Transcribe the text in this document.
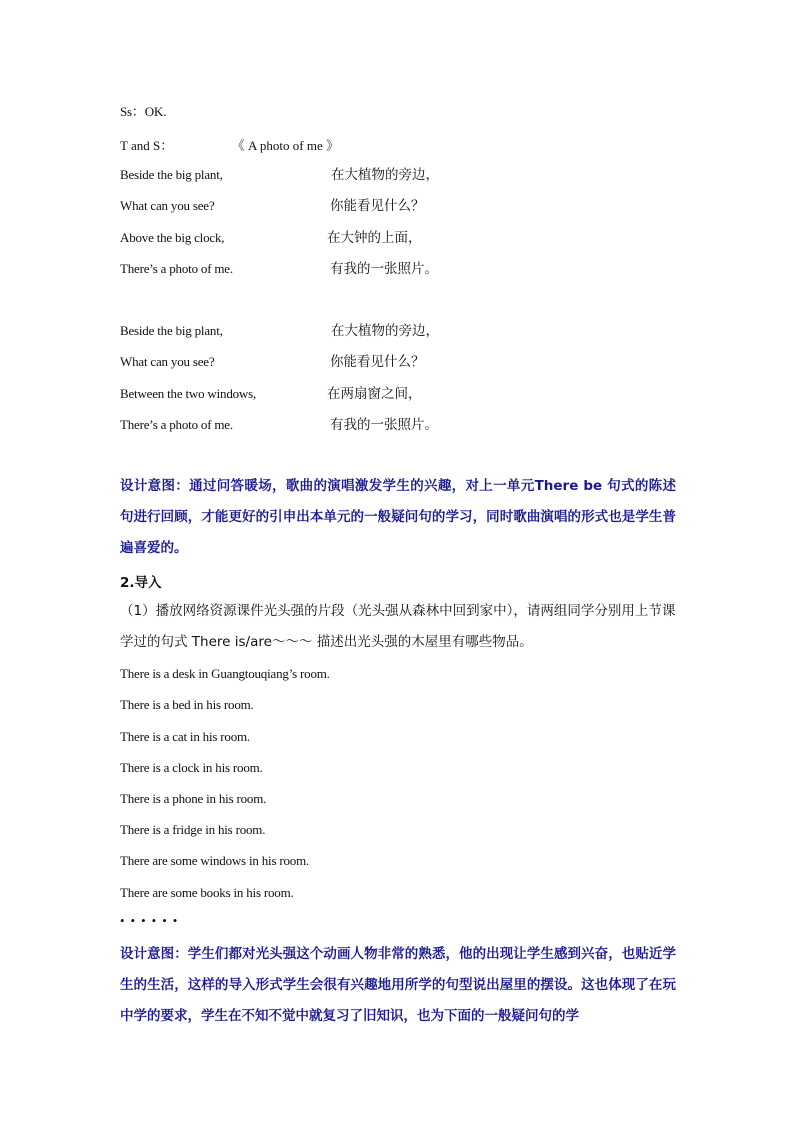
Ss：OK.
T and S：	《 A photo of me 》
Beside the big plant,	在大植物的旁边，
What can you see?	你能看见什么？
Above the big clock,	在大钟的上面，
There’s a photo of me.	有我的一张照片。
Beside the big plant,	在大植物的旁边，
What can you see?	你能看见什么？
Between the two windows,	在两扇窗之间，
There’s a photo of me.	有我的一张照片。
设计意图：通过问答暖场，歌曲的演唱激发学生的兴趣，对上一单元There be 句式的陈述句进行回顾，才能更好的引申出本单元的一般疑问句的学习，同时歌曲演唱的形式也是学生普遍喜爱的。
2.导入
（1）播放网络资源课件光头强的片段（光头强从森林中回到家中），请两组同学分别用上节课学过的句式 There is/are～～～ 描述出光头强的木屋里有哪些物品。
There is a desk in Guangtouqiang’s room.
There is a bed in his room.
There is a cat in his room.
There is a clock in his room.
There is a phone in his room.
There is a fridge in his room.
There are some windows in his room.
There are some books in his room.
••••••
设计意图：学生们都对光头强这个动画人物非常的熟悉，他的出现让学生感到兴奋，也贴近学生的生活，这样的导入形式学生会很有兴趣地用所学的句型说出屋里的摆设。这也体现了在玩中学的要求，学生在不知不觉中就复习了旧知识，也为下面的一般疑问句的学
